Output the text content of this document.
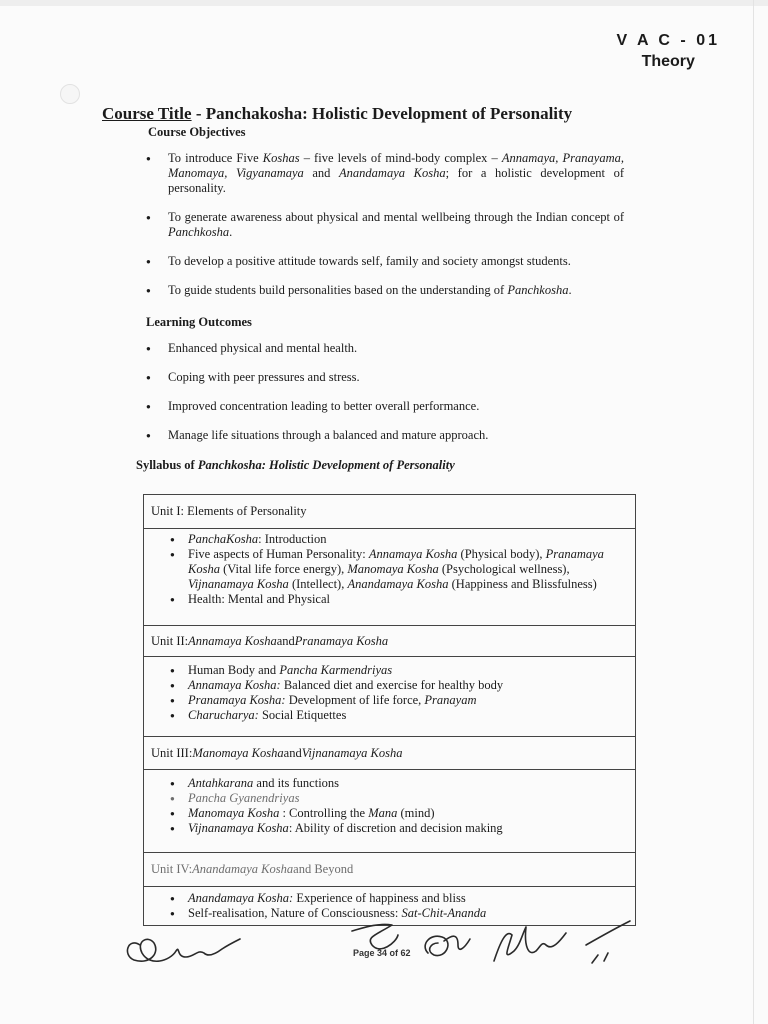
V A C - 01
Theory
Course Title - Panchakosha: Holistic Development of Personality
Course Objectives
● To introduce Five Koshas – five levels of mind-body complex – Annamaya, Pranayama, Manomaya, Vigyanamaya and Anandamaya Kosha; for a holistic development of personality.
● To generate awareness about physical and mental wellbeing through the Indian concept of Panchkosha.
● To develop a positive attitude towards self, family and society amongst students.
● To guide students build personalities based on the understanding of Panchkosha.
Learning Outcomes
● Enhanced physical and mental health.
● Coping with peer pressures and stress.
● Improved concentration leading to better overall performance.
● Manage life situations through a balanced and mature approach.
Syllabus of Panchkosha: Holistic Development of Personality
Unit I: Elements of Personality
● PanchaKosha: Introduction
● Five aspects of Human Personality: Annamaya Kosha (Physical body), Pranamaya Kosha (Vital life force energy), Manomaya Kosha (Psychological wellness), Vijnanamaya Kosha (Intellect), Anandamaya Kosha (Happiness and Blissfulness)
● Health: Mental and Physical
Unit II: Annamaya Kosha and Pranamaya Kosha
● Human Body and Pancha Karmendriyas
● Annamaya Kosha: Balanced diet and exercise for healthy body
● Pranamaya Kosha: Development of life force, Pranayam
● Charucharya: Social Etiquettes
Unit III: Manomaya Kosha and Vijnanamaya Kosha
● Antahkarana and its functions
● Pancha Gyanendriyas
● Manomaya Kosha : Controlling the Mana (mind)
● Vijnanamaya Kosha: Ability of discretion and decision making
Unit IV: Anandamaya Kosha and Beyond
● Anandamaya Kosha: Experience of happiness and bliss
● Self-realisation, Nature of Consciousness: Sat-Chit-Ananda
Page 34 of 62
